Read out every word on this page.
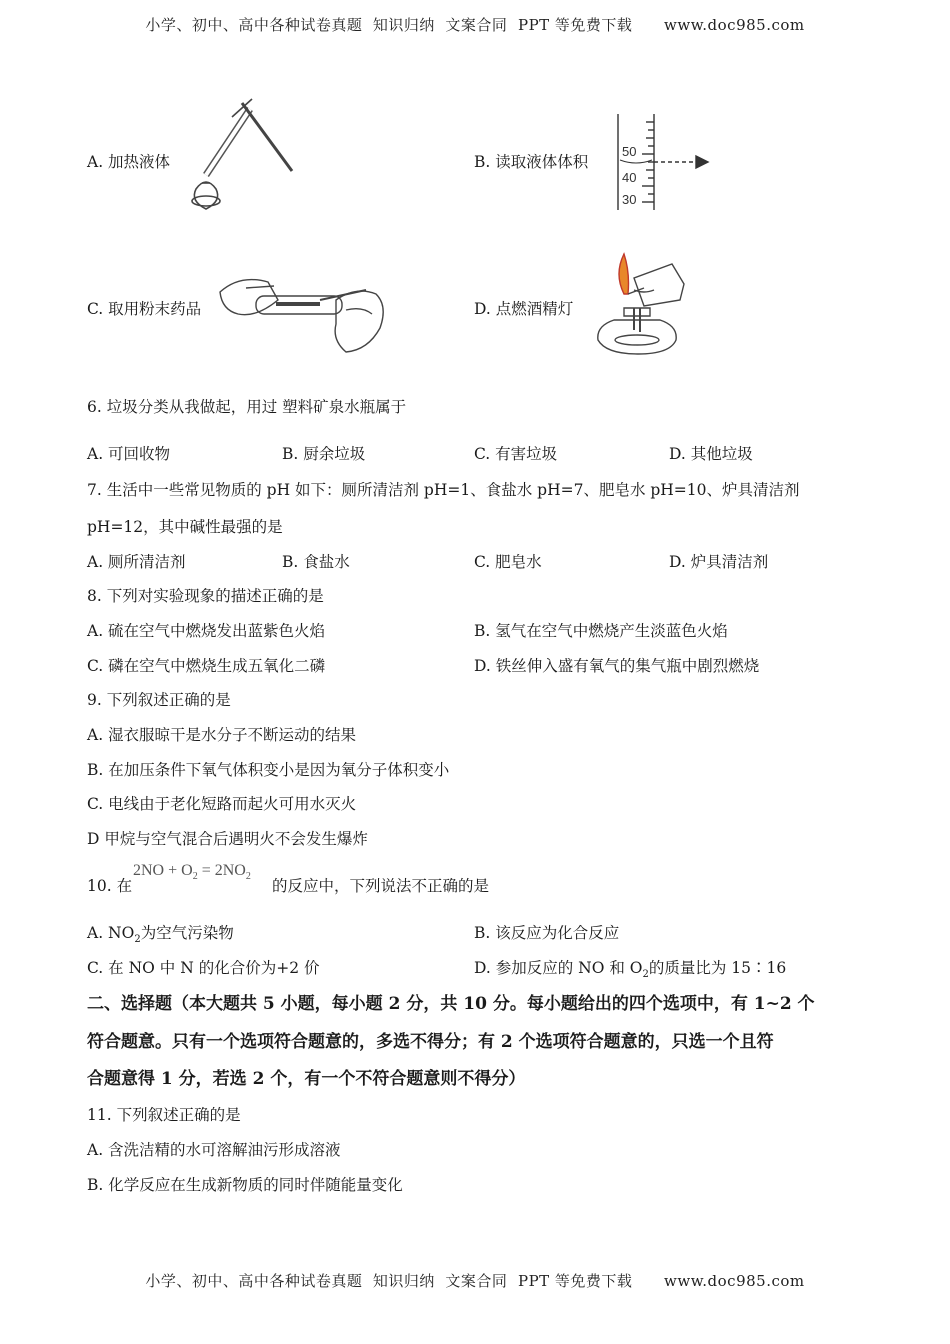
小学、初中、高中各种试卷真题  知识归纳  文案合同  PPT 等免费下载      www.doc985.com
A. 加热液体	B. 读取液体体积
50
40
30
C. 取用粉末药品	D. 点燃酒精灯
6. 垃圾分类从我做起，用过 塑料矿泉水瓶属于
A. 可回收物	B. 厨余垃圾	C. 有害垃圾	D. 其他垃圾
7. 生活中一些常见物质的 pH 如下：厕所清洁剂 pH=1、食盐水 pH=7、肥皂水 pH=10、炉具清洁剂
pH=12，其中碱性最强的是
A. 厕所清洁剂	B. 食盐水	C. 肥皂水	D. 炉具清洁剂
8. 下列对实验现象的描述正确的是
A. 硫在空气中燃烧发出蓝紫色火焰	B. 氢气在空气中燃烧产生淡蓝色火焰
C. 磷在空气中燃烧生成五氧化二磷	D. 铁丝伸入盛有氧气的集气瓶中剧烈燃烧
9. 下列叙述正确的是
A. 湿衣服晾干是水分子不断运动的结果
B. 在加压条件下氧气体积变小是因为氧分子体积变小
C. 电线由于老化短路而起火可用水灭火
D 甲烷与空气混合后遇明火不会发生爆炸
10. 在
$2NO + O_2 = 2NO_2$
的反应中，下列说法不正确的是
A. $NO_2$为空气污染物	B. 该反应为化合反应
C. 在 NO 中 N 的化合价为+2 价	D. 参加反应的 NO 和 $O_2$的质量比为 15∶16
二、选择题（本大题共 5 小题，每小题 2 分，共 10 分。每小题给出的四个选项中，有 1~2 个
符合题意。只有一个选项符合题意的，多选不得分；有 2 个选项符合题意的，只选一个且符
合题意得 1 分，若选 2 个，有一个不符合题意则不得分）
11. 下列叙述正确的是
A. 含洗洁精的水可溶解油污形成溶液
B. 化学反应在生成新物质的同时伴随能量变化
小学、初中、高中各种试卷真题  知识归纳  文案合同  PPT 等免费下载      www.doc985.com
